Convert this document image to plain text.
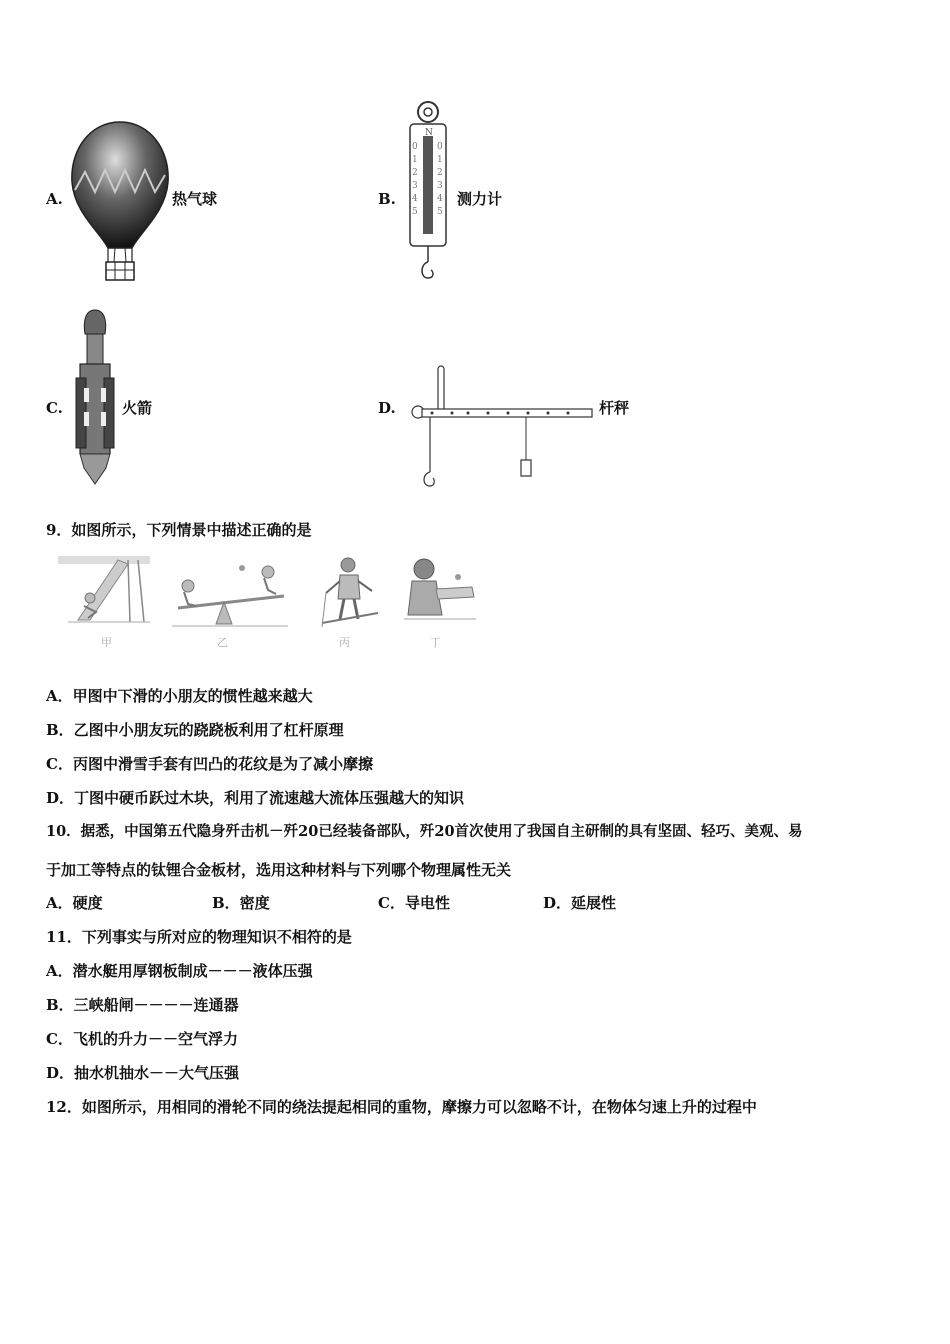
A.	热气球	B.
N
0
1
2
3
4
5
0
1
2
3
4
5
测力计
C.	火箭	D.	杆秤
9．如图所示，下列情景中描述正确的是
甲	乙	丙	丁
A．甲图中下滑的小朋友的惯性越来越大
B．乙图中小朋友玩的跷跷板利用了杠杆原理
C．丙图中滑雪手套有凹凸的花纹是为了减小摩擦
D．丁图中硬币跃过木块，利用了流速越大流体压强越大的知识
10．据悉，中国第五代隐身歼击机－歼20已经装备部队，歼20首次使用了我国自主研制的具有坚固、轻巧、美观、易
于加工等特点的钛锂合金板材，选用这种材料与下列哪个物理属性无关
A．硬度	B．密度	C．导电性	D．延展性
11．下列事实与所对应的物理知识不相符的是
A．潜水艇用厚钢板制成－－－液体压强
B．三峡船闸－－－－连通器
C．飞机的升力－－空气浮力
D．抽水机抽水－－大气压强
12．如图所示，用相同的滑轮不同的绕法提起相同的重物，摩擦力可以忽略不计，在物体匀速上升的过程中
